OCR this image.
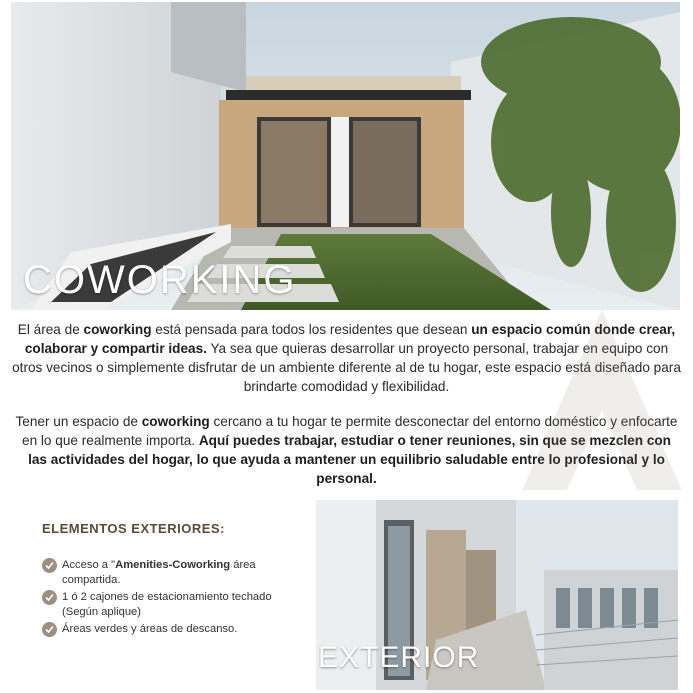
COWORKING
El área de coworking está pensada para todos los residentes que desean un espacio común donde crear, colaborar y compartir ideas. Ya sea que quieras desarrollar un proyecto personal, trabajar en equipo con otros vecinos o simplemente disfrutar de un ambiente diferente al de tu hogar, este espacio está diseñado para brindarte comodidad y flexibilidad.
Tener un espacio de coworking cercano a tu hogar te permite desconectar del entorno doméstico y enfocarte en lo que realmente importa. Aquí puedes trabajar, estudiar o tener reuniones, sin que se mezclen con las actividades del hogar, lo que ayuda a mantener un equilibrio saludable entre lo profesional y lo personal.
ELEMENTOS EXTERIORES:
Acceso a "Amenities-Coworking área compartida.
1 ó 2 cajones de estacionamiento techado (Según aplique)
Áreas verdes y áreas de descanso.
EXTERIOR
